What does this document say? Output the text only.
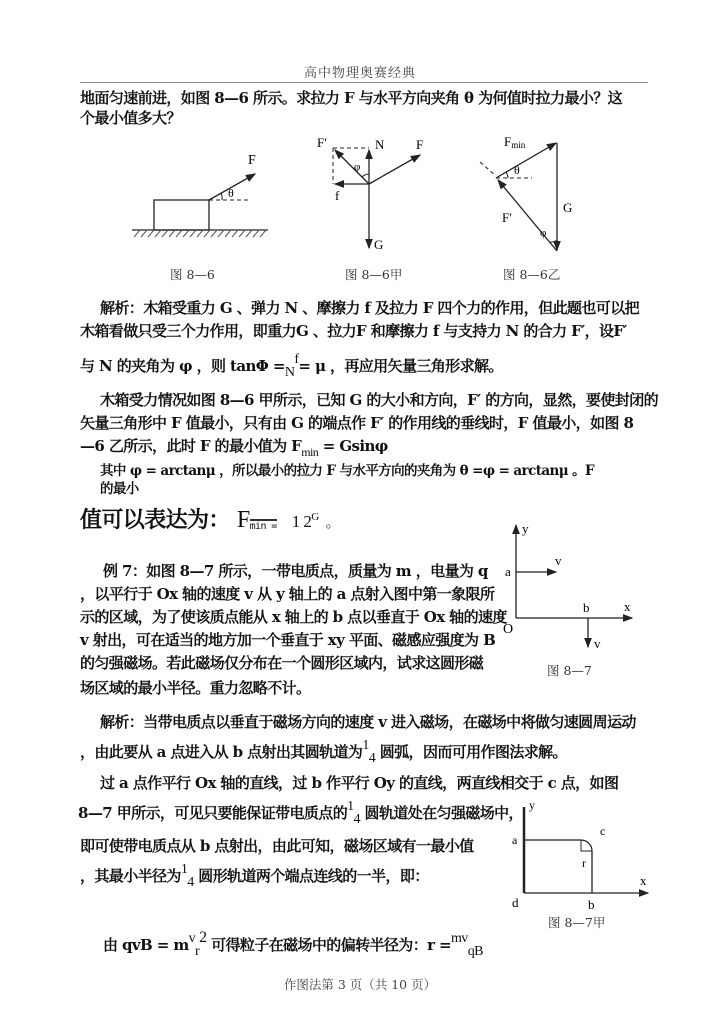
高中物理奥赛经典
地面匀速前进，如图 8—6 所示。求拉力 F 与水平方向夹角 θ 为何值时拉力最小？这
个最小值多大？
F
θ
图 8—6
F′	N F
φ
f
G
图 8—6甲
Fmin
θ
F′
G
φ
图 8—6乙
解析：木箱受重力 G 、弹力 N 、摩擦力 f 及拉力 F 四个力的作用，但此题也可以把
木箱看做只受三个力作用，即重力G 、拉力F 和摩擦力 f 与支持力 N 的合力 F′，设F′
与 N 的夹角为 φ ，则 tanΦ =Nf= μ ，再应用矢量三角形求解。
木箱受力情况如图 8—6 甲所示，已知 G 的大小和方向，F′ 的方向，显然，要使封闭的
矢量三角形中 F 值最小，只有由 G 的端点作 F′ 的作用线的垂线时，F 值最小，如图 8
—6 乙所示，此时 F 的最小值为 $F_{min} = Gsin\varphi$
其中 φ = arctanμ ，所以最小的拉力 F 与水平方向的夹角为 θ =φ = arctanμ 。F
的最小
值可以表达为： Fmin = 1 $2^G$ 。
例 7：如图 8—7 所示，一带电质点，质量为 m ，电量为 q
，以平行于 Ox 轴的速度 v 从 y 轴上的 a 点射入图中第一象限所
示的区域，为了使该质点能从 x 轴上的 b 点以垂直于 Ox 轴的速度
v 射出，可在适当的地方加一个垂直于 xy 平面、磁感应强度为 B
的匀强磁场。若此磁场仅分布在一个圆形区域内，试求这圆形磁
场区域的最小半径。重力忽略不计。
y
x
a
b
O
v
v
图 8—7
解析：当带电质点以垂直于磁场方向的速度 v 进入磁场，在磁场中将做匀速圆周运动
，由此要从 a 点进入从 b 点射出其圆轨道为14 圆弧，因而可用作图法求解。
过 a 点作平行 Ox 轴的直线，过 b 作平行 Oy 的直线，两直线相交于 c 点，如图
8—7 甲所示，可见只要能保证带电质点的14 圆轨道处在匀强磁场中，
即可使带电质点从 b 点射出，由此可知，磁场区域有一最小值
，其最小半径为14 圆形轨道两个端点连线的一半，即：
由 qvB = mvr2 可得粒子在磁场中的偏转半径为：r =mvqB
y
x
a
c
r
d	b
图 8—7甲
作图法第 3 页（共 10 页）
